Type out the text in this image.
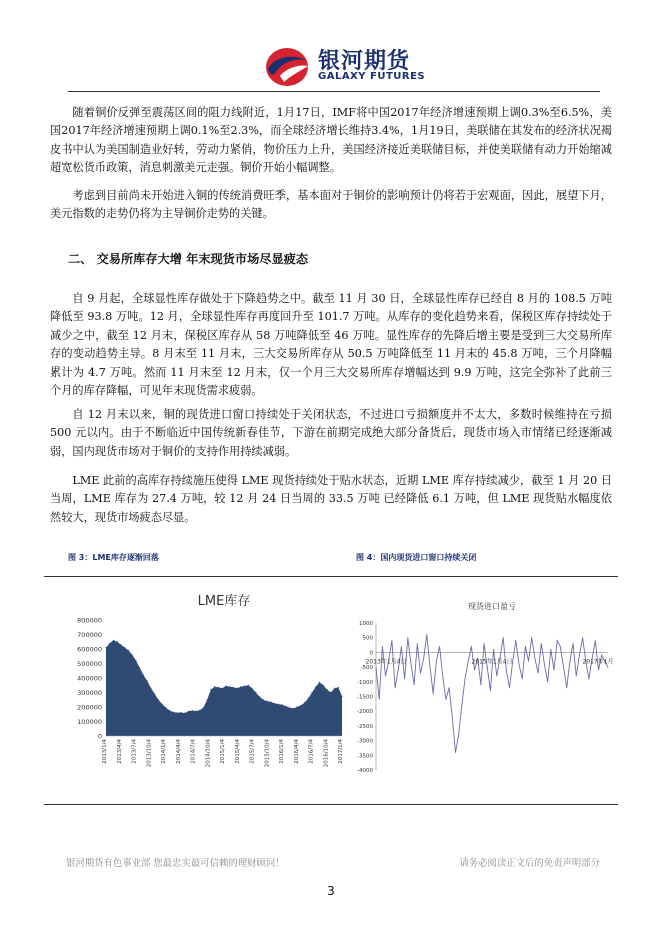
银河期货
GALAXY FUTURES

随着铜价反弹至震荡区间的阻力线附近，1月17日，IMF将中国2017年经济增速预期上调0.3%至6.5%，美国2017年经济增速预期上调0.1%至2.3%，而全球经济增长维持3.4%，1月19日，美联储在其发布的经济状况褐皮书中认为美国制造业好转，劳动力紧俏，物价压力上升，美国经济接近美联储目标，并使美联储有动力开始缩减超宽松货币政策，消息刺激美元走强。铜价开始小幅调整。

考虑到目前尚未开始进入铜的传统消费旺季，基本面对于铜价的影响预计仍将若于宏观面，因此，展望下月，美元指数的走势仍将为主导铜价走势的关键。

二、 交易所库存大增 年末现货市场尽显疲态

自 9 月起，全球显性库存做处于下降趋势之中。截至 11 月 30 日，全球显性库存已经自 8 月的 108.5 万吨降低至 93.8 万吨。12 月，全球显性库存再度回升至 101.7 万吨。从库存的变化趋势来看，保税区库存持续处于减少之中，截至 12 月末，保税区库存从 58 万吨降低至 46 万吨。显性库存的先降后增主要是受到三大交易所库存的变动趋势主导。8 月末至 11 月末，三大交易所库存从 50.5 万吨降低至 11 月末的 45.8 万吨，三个月降幅累计为 4.7 万吨。然而 11 月末至 12 月末，仅一个月三大交易所库存增幅达到 9.9 万吨，这完全弥补了此前三个月的库存降幅，可见年末现货需求疲弱。

自 12 月末以来，铜的现货进口窗口持续处于关闭状态，不过进口亏损额度并不太大，多数时候维持在亏损 500 元以内。由于不断临近中国传统新春佳节，下游在前期完成绝大部分备货后，现货市场入市情绪已经逐渐减弱，国内现货市场对于铜价的支持作用持续减弱。

LME 此前的高库存持续施压使得 LME 现货持续处于贴水状态，近期 LME 库存持续减少，截至 1 月 20 日当周，LME 库存为 27.4 万吨，较 12 月 24 日当周的 33.5 万吨 已经降低 6.1 万吨，但 LME 现货贴水幅度依然较大，现货市场疲态尽显。

图 3：LME库存逐渐回落	图 4：国内现货进口窗口持续关闭
LME库存
800000
700000
600000
500000
400000
300000
200000
100000
0
2013/1/4 2013/4/4 2013/7/4 2013/10/4 2014/1/4 2014/4/4 2014/7/4 2014/10/4 2015/1/4 2015/4/4 2015/7/4 2015/10/4 2016/1/4 2016/4/4 2016/7/4 2016/10/4 2017/1/4
现货进口盈亏
1000
500
0
-500
-1000
-1500
-2000
-2500
-3000
-3500
-4000
2013年1月4日	2015年1月4日	2017年1月
银河期货有色事业部 您最忠实最可信赖的理财顾问！	请务必阅读正文后的免责声明部分
3
